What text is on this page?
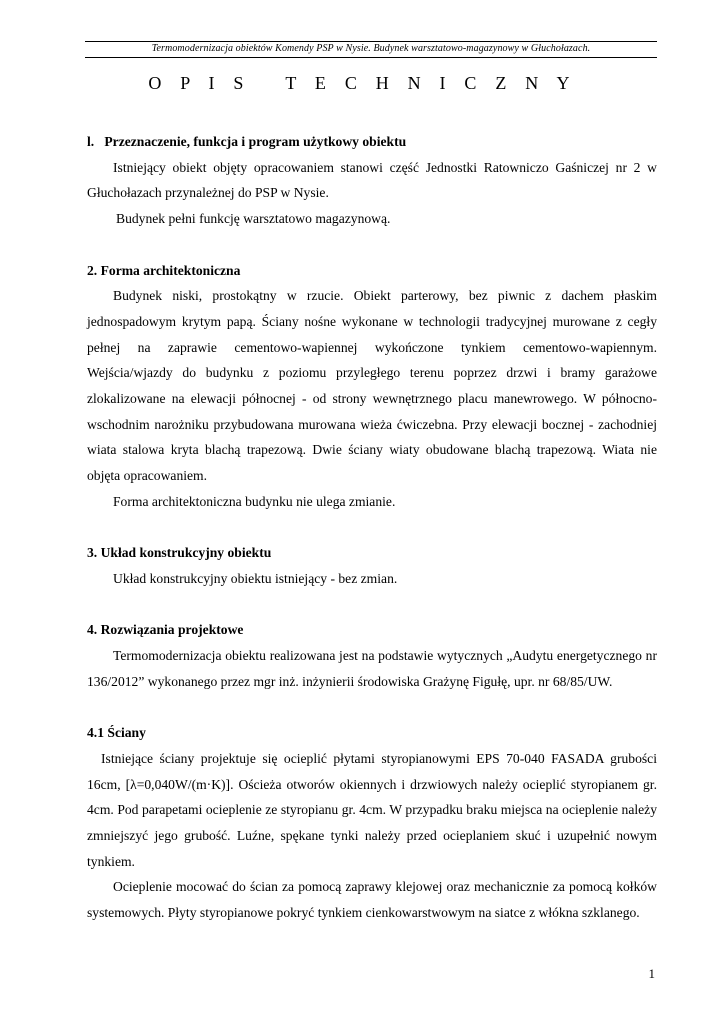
Termomodernizacja obiektów Komendy PSP w Nysie. Budynek warsztatowo-magazynowy w Głuchołazach.
O P I S   T E C H N I C Z N Y

l.   Przeznaczenie, funkcja i program użytkowy obiektu

Istniejący obiekt objęty opracowaniem stanowi część Jednostki Ratowniczo Gaśniczej nr 2 w Głuchołazach przynależnej do PSP w Nysie.

Budynek pełni funkcję warsztatowo magazynową.

2. Forma architektoniczna

Budynek niski, prostokątny w rzucie. Obiekt parterowy, bez piwnic z dachem płaskim jednospadowym krytym papą. Ściany nośne wykonane w technologii tradycyjnej murowane z cegły pełnej na zaprawie cementowo-wapiennej wykończone tynkiem cementowo-wapiennym. Wejścia/wjazdy do budynku z poziomu przyległego terenu poprzez drzwi i bramy garażowe zlokalizowane na elewacji północnej - od strony wewnętrznego placu manewrowego. W północno-wschodnim narożniku przybudowana murowana wieża ćwiczebna. Przy elewacji bocznej - zachodniej wiata stalowa kryta blachą trapezową. Dwie ściany wiaty obudowane blachą trapezową. Wiata nie objęta opracowaniem.

Forma architektoniczna budynku nie ulega zmianie.

3. Układ konstrukcyjny obiektu

Układ konstrukcyjny obiektu istniejący - bez zmian.

4. Rozwiązania projektowe

Termomodernizacja obiektu realizowana jest na podstawie wytycznych „Audytu energetycznego nr 136/2012” wykonanego przez mgr inż. inżynierii środowiska Grażynę Figułę, upr. nr 68/85/UW.

4.1 Ściany

Istniejące ściany projektuje się ocieplić płytami styropianowymi EPS 70-040 FASADA grubości 16cm, [λ=0,040W/(m·K)]. Ościeża otworów okiennych i drzwiowych należy ocieplić styropianem gr. 4cm. Pod parapetami ocieplenie ze styropianu gr. 4cm. W przypadku braku miejsca na ocieplenie należy zmniejszyć jego grubość. Luźne, spękane tynki należy przed ocieplaniem skuć i uzupełnić nowym tynkiem.

Ocieplenie mocować do ścian za pomocą zaprawy klejowej oraz mechanicznie za pomocą kołków systemowych. Płyty styropianowe pokryć tynkiem cienkowarstwowym na siatce z włókna szklanego.

1
